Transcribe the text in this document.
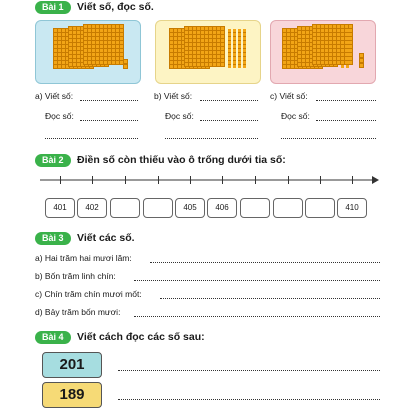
Bài 1	Viết số, đọc số.
a) Viết số:	b) Viết số:	c) Viết số:
Đọc số:	Đọc số:	Đọc số:
Bài 2	Điền số còn thiếu vào ô trống dưới tia số:
401	402	405	406	410
Bài 3	Viết các số.
a) Hai trăm hai mươi lăm:
b) Bốn trăm linh chín:
c) Chín trăm chín mươi mốt:
d) Bảy trăm bốn mươi:
Bài 4	Viết cách đọc các số sau:
201
189
